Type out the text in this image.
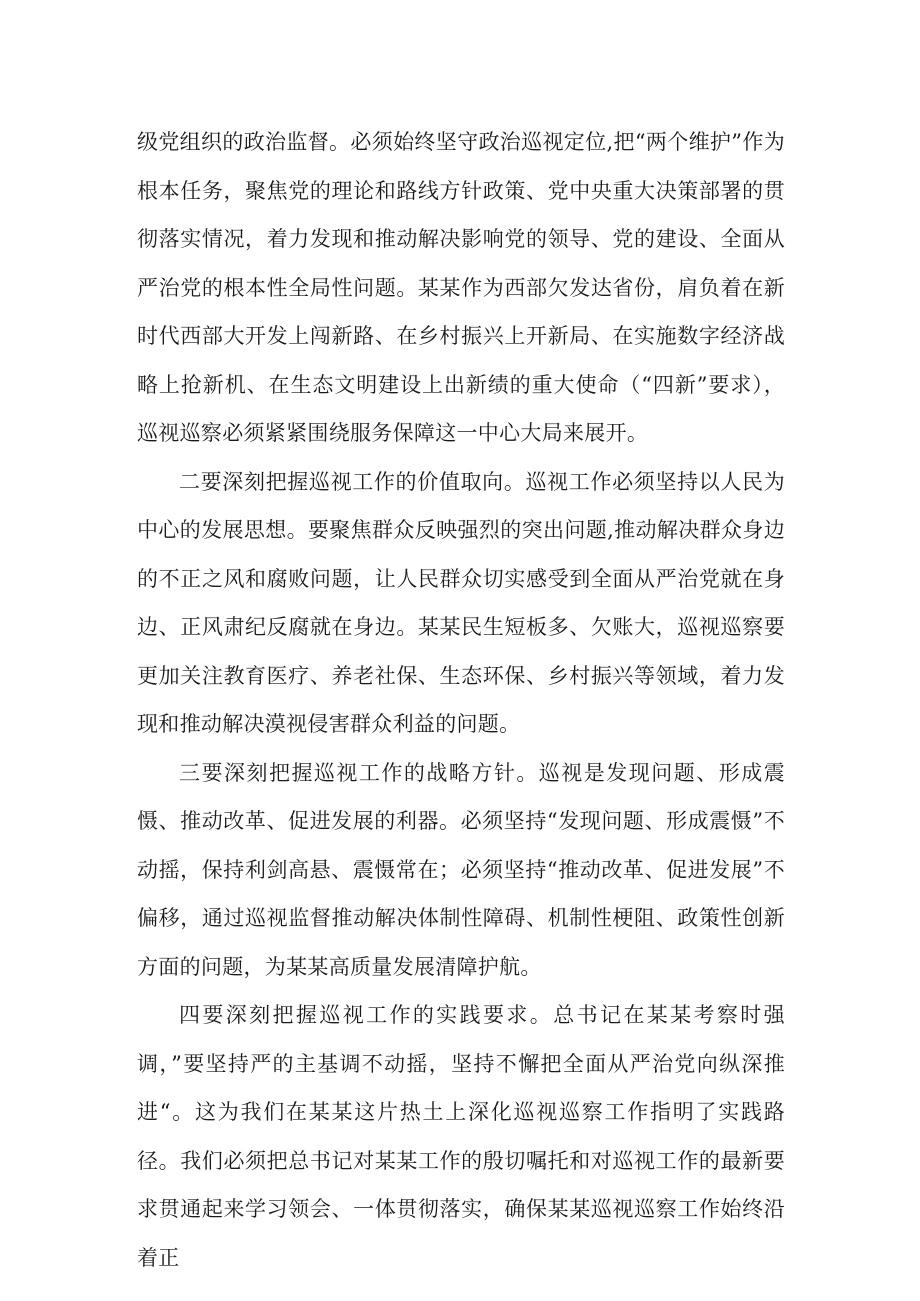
级党组织的政治监督。必须始终坚守政治巡视定位,把“两个维护”作为根本任务，聚焦党的理论和路线方针政策、党中央重大决策部署的贯彻落实情况，着力发现和推动解决影响党的领导、党的建设、全面从严治党的根本性全局性问题。某某作为西部欠发达省份，肩负着在新时代西部大开发上闯新路、在乡村振兴上开新局、在实施数字经济战略上抢新机、在生态文明建设上出新绩的重大使命（“四新”要求），巡视巡察必须紧紧围绕服务保障这一中心大局来展开。

二要深刻把握巡视工作的价值取向。巡视工作必须坚持以人民为中心的发展思想。要聚焦群众反映强烈的突出问题,推动解决群众身边的不正之风和腐败问题，让人民群众切实感受到全面从严治党就在身边、正风肃纪反腐就在身边。某某民生短板多、欠账大，巡视巡察要更加关注教育医疗、养老社保、生态环保、乡村振兴等领域，着力发现和推动解决漠视侵害群众利益的问题。

三要深刻把握巡视工作的战略方针。巡视是发现问题、形成震慑、推动改革、促进发展的利器。必须坚持“发现问题、形成震慑”不动摇，保持利剑高悬、震慑常在；必须坚持“推动改革、促进发展”不偏移，通过巡视监督推动解决体制性障碍、机制性梗阻、政策性创新方面的问题，为某某高质量发展清障护航。

四要深刻把握巡视工作的实践要求。总书记在某某考察时强调，”要坚持严的主基调不动摇，坚持不懈把全面从严治党向纵深推进“。这为我们在某某这片热土上深化巡视巡察工作指明了实践路径。我们必须把总书记对某某工作的殷切嘱托和对巡视工作的最新要求贯通起来学习领会、一体贯彻落实，确保某某巡视巡察工作始终沿着正
